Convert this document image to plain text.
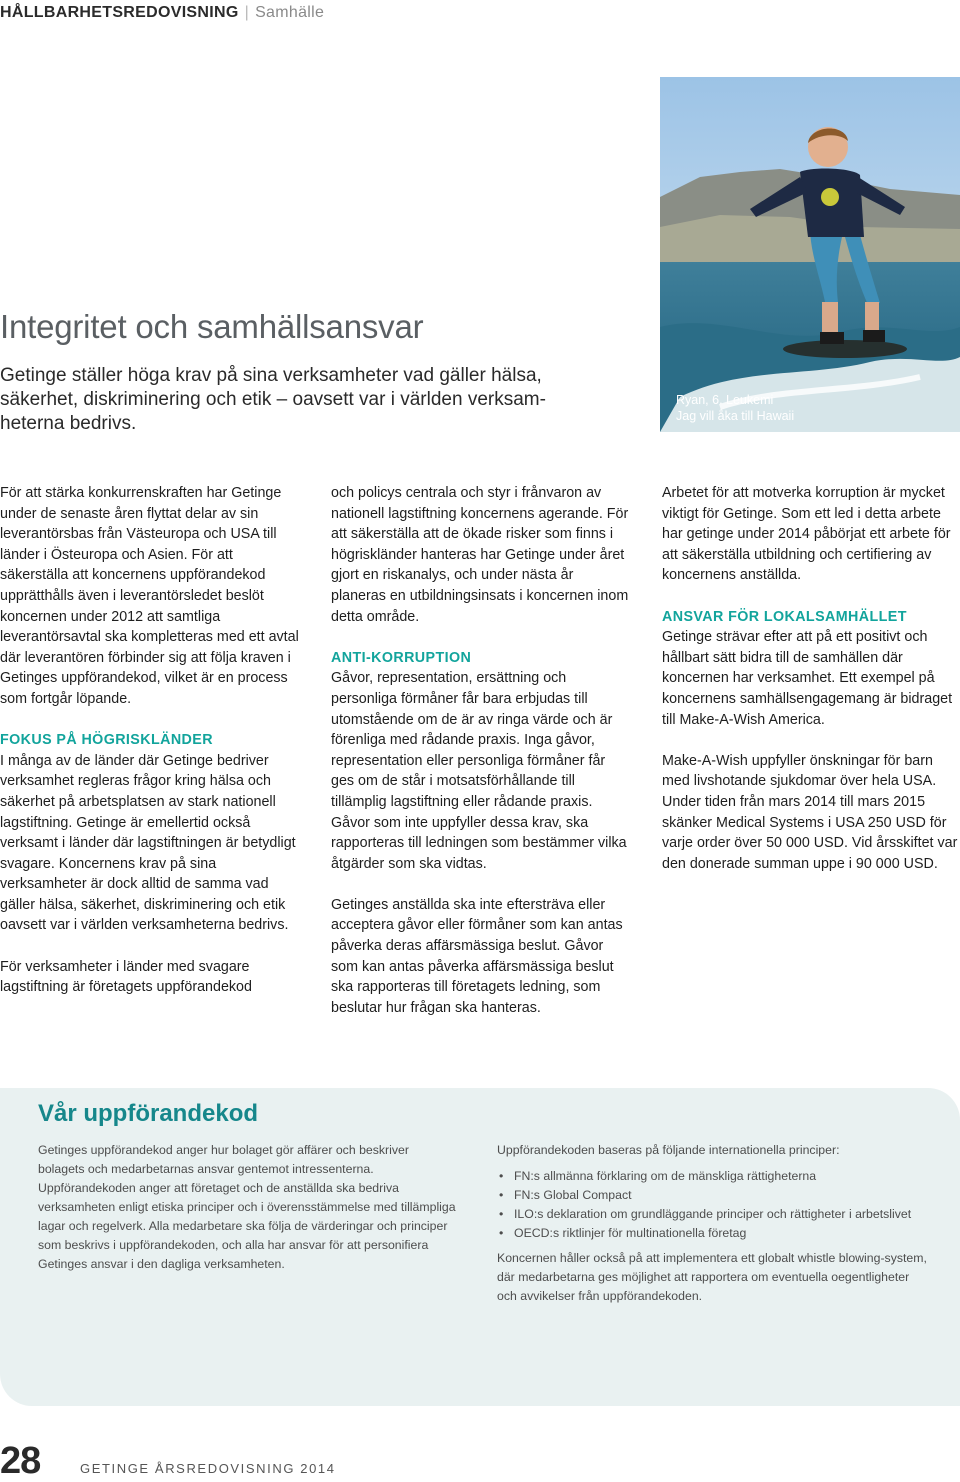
HÅLLBARHETSREDOVISNING | Samhälle
Integritet och samhällsansvar

Getinge ställer höga krav på sina verksamheter vad gäller hälsa, säkerhet, diskriminering och etik – oavsett var i världen verksamheterna bedrivs.

Ryan, 6. Leukemi
Jag vill åka till Hawaii

För att stärka konkurrenskraften har Getinge under de senaste åren flyttat delar av sin leverantörsbas från Västeuropa och USA till länder i Östeuropa och Asien. För att säkerställa att koncernens uppförandekod upprätthålls även i leverantörsledet beslöt koncernen under 2012 att samtliga leverantörsavtal ska kompletteras med ett avtal där leverantören förbinder sig att följa kraven i Getinges uppförandekod, vilket är en process som fortgår löpande.

FOKUS PÅ HÖGRISKLÄNDER

I många av de länder där Getinge bedriver verksamhet regleras frågor kring hälsa och säkerhet på arbetsplatsen av stark nationell lagstiftning. Getinge är emellertid också verksamt i länder där lagstiftningen är betydligt svagare. Koncernens krav på sina verksamheter är dock alltid de samma vad gäller hälsa, säkerhet, diskriminering och etik oavsett var i världen verksamheterna bedrivs.

För verksamheter i länder med svagare lagstiftning är företagets uppförandekod

och policys centrala och styr i frånvaron av nationell lagstiftning koncernens agerande. För att säkerställa att de ökade risker som finns i högriskländer hanteras har Getinge under året gjort en riskanalys, och under nästa år planeras en utbildningsinsats i koncernen inom detta område.

ANTI-KORRUPTION

Gåvor, representation, ersättning och personliga förmåner får bara erbjudas till utomstående om de är av ringa värde och är förenliga med rådande praxis. Inga gåvor, representation eller personliga förmåner får ges om de står i motsatsförhållande till tillämplig lagstiftning eller rådande praxis. Gåvor som inte uppfyller dessa krav, ska rapporteras till ledningen som bestämmer vilka åtgärder som ska vidtas.

Getinges anställda ska inte eftersträva eller acceptera gåvor eller förmåner som kan antas påverka deras affärsmässiga beslut. Gåvor som kan antas påverka affärsmässiga beslut ska rapporteras till företagets ledning, som beslutar hur frågan ska hanteras.

Arbetet för att motverka korruption är mycket viktigt för Getinge. Som ett led i detta arbete har getinge under 2014 påbörjat ett arbete för att säkerställa utbildning och certifiering av koncernens anställda.

ANSVAR FÖR LOKALSAMHÄLLET

Getinge strävar efter att på ett positivt och hållbart sätt bidra till de samhällen där koncernen har verksamhet. Ett exempel på koncernens samhällsengagemang är bidraget till Make-A-Wish America.

Make-A-Wish uppfyller önskningar för barn med livshotande sjukdomar över hela USA. Under tiden från mars 2014 till mars 2015 skänker Medical Systems i USA 250 USD för varje order över 50 000 USD. Vid årsskiftet var den donerade summan uppe i 90 000 USD.

Vår uppförandekod

Getinges uppförandekod anger hur bolaget gör affärer och beskriver bolagets och medarbetarnas ansvar gentemot intressenterna. Uppförandekoden anger att företaget och de anställda ska bedriva verksamheten enligt etiska principer och i överensstämmelse med tillämpliga lagar och regelverk. Alla medarbetare ska följa de värderingar och principer som beskrivs i uppförandekoden, och alla har ansvar för att personifiera Getinges ansvar i den dagliga verksamheten.

Uppförandekoden baseras på följande internationella principer:

• FN:s allmänna förklaring om de mänskliga rättigheterna
• FN:s Global Compact
• ILO:s deklaration om grundläggande principer och rättigheter i arbetslivet
• OECD:s riktlinjer för multinationella företag

Koncernen håller också på att implementera ett globalt whistle blowing-system, där medarbetarna ges möjlighet att rapportera om eventuella oegentligheter och avvikelser från uppförandekoden.

28	GETINGE ÅRSREDOVISNING 2014
